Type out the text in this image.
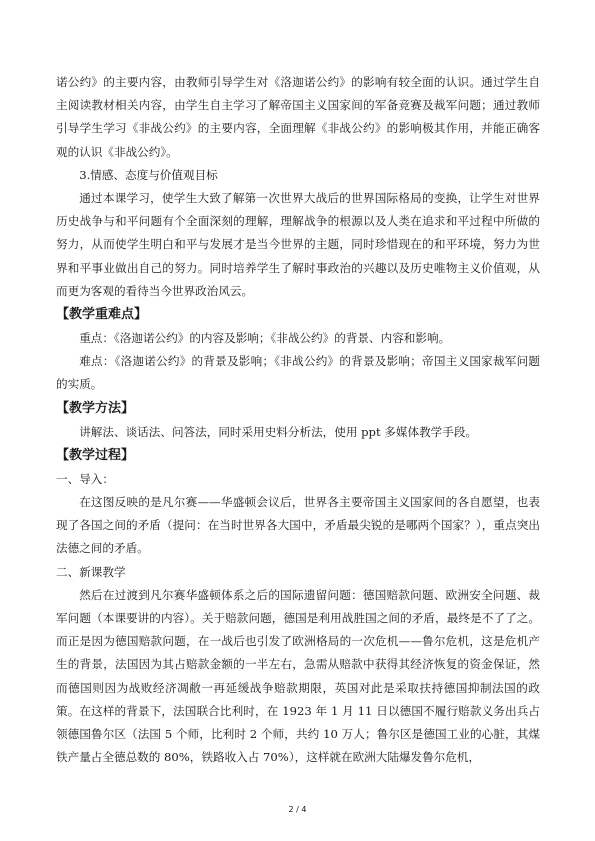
诺公约》的主要内容，由教师引导学生对《洛迦诺公约》的影响有较全面的认识。通过学生自主阅读教材相关内容，由学生自主学习了解帝国主义国家间的军备竞赛及裁军问题；通过教师引导学生学习《非战公约》的主要内容，全面理解《非战公约》的影响极其作用，并能正确客观的认识《非战公约》。

3.情感、态度与价值观目标

通过本课学习，使学生大致了解第一次世界大战后的世界国际格局的变换，让学生对世界历史战争与和平问题有个全面深刻的理解，理解战争的根源以及人类在追求和平过程中所做的努力，从而使学生明白和平与发展才是当今世界的主题，同时珍惜现在的和平环境，努力为世界和平事业做出自己的努力。同时培养学生了解时事政治的兴趣以及历史唯物主义价值观，从而更为客观的看待当今世界政治风云。

【教学重难点】

重点：《洛迦诺公约》的内容及影响；《非战公约》的背景、内容和影响。

难点：《洛迦诺公约》的背景及影响；《非战公约》的背景及影响；帝国主义国家裁军问题的实质。

【教学方法】

讲解法、谈话法、问答法，同时采用史料分析法，使用 ppt 多媒体教学手段。

【教学过程】

一、导入：

在这图反映的是凡尔赛——华盛顿会议后，世界各主要帝国主义国家间的各自愿望，也表现了各国之间的矛盾（提问：在当时世界各大国中，矛盾最尖锐的是哪两个国家？），重点突出法德之间的矛盾。

二、新课教学

然后在过渡到凡尔赛华盛顿体系之后的国际遗留问题：德国赔款问题、欧洲安全问题、裁军问题（本课要讲的内容）。关于赔款问题，德国是利用战胜国之间的矛盾，最终是不了了之。而正是因为德国赔款问题，在一战后也引发了欧洲格局的一次危机——鲁尔危机，这是危机产生的背景，法国因为其占赔款金额的一半左右，急需从赔款中获得其经济恢复的资金保证，然而德国则因为战败经济凋敝一再延缓战争赔款期限，英国对此是采取扶持德国抑制法国的政策。在这样的背景下，法国联合比利时，在 1923 年 1 月 11 日以德国不履行赔款义务出兵占领德国鲁尔区（法国 5 个师，比利时 2 个师，共约 10 万人；鲁尔区是德国工业的心脏，其煤铁产量占全德总数的 80%，铁路收入占 70%），这样就在欧洲大陆爆发鲁尔危机，

2 / 4
